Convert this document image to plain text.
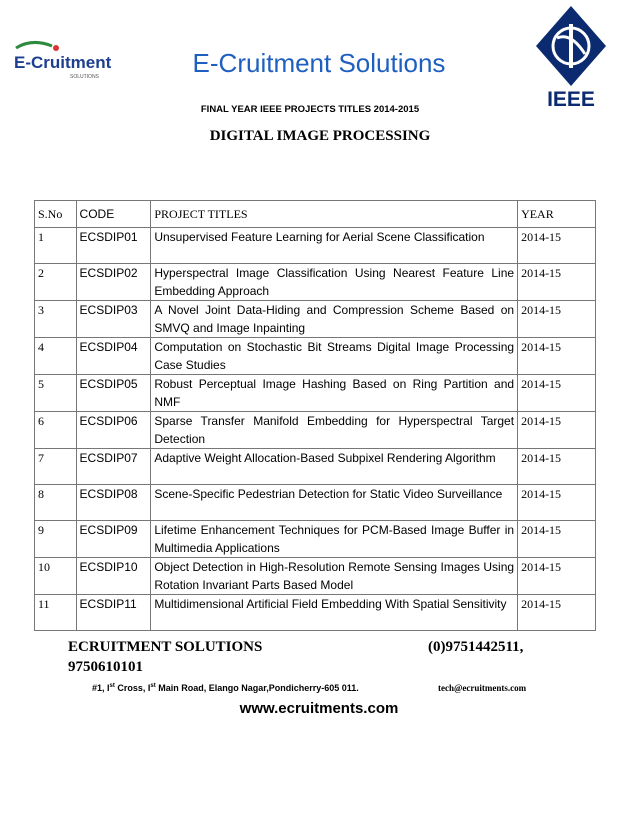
E-Cruitment
SOLUTIONS	E-Cruitment Solutions
IEEE
FINAL YEAR IEEE PROJECTS TITLES 2014-2015
DIGITAL IMAGE PROCESSING
S.No	CODE	PROJECT TITLES	YEAR
1	ECSDIP01	Unsupervised Feature Learning for Aerial Scene Classification	2014-15
2	ECSDIP02	Hyperspectral Image Classification Using Nearest Feature Line Embedding Approach	2014-15
3	ECSDIP03	A Novel Joint Data-Hiding and Compression Scheme Based on SMVQ and Image Inpainting	2014-15
4	ECSDIP04	Computation on Stochastic Bit Streams Digital Image Processing Case Studies	2014-15
5	ECSDIP05	Robust Perceptual Image Hashing Based on Ring Partition and NMF	2014-15
6	ECSDIP06	Sparse Transfer Manifold Embedding for Hyperspectral Target Detection	2014-15
7	ECSDIP07	Adaptive Weight Allocation-Based Subpixel Rendering Algorithm	2014-15
8	ECSDIP08	Scene-Specific Pedestrian Detection for Static Video Surveillance	2014-15
9	ECSDIP09	Lifetime Enhancement Techniques for PCM-Based Image Buffer in Multimedia Applications	2014-15
10	ECSDIP10	Object Detection in High-Resolution Remote Sensing Images Using Rotation Invariant Parts Based Model	2014-15
11	ECSDIP11	Multidimensional Artificial Field Embedding With Spatial Sensitivity	2014-15
ECRUITMENT SOLUTIONS	(0)9751442511,
9750610101
#1, Ist Cross, Ist Main Road, Elango Nagar,Pondicherry-605 011.	tech@ecruitments.com
www.ecruitments.com
